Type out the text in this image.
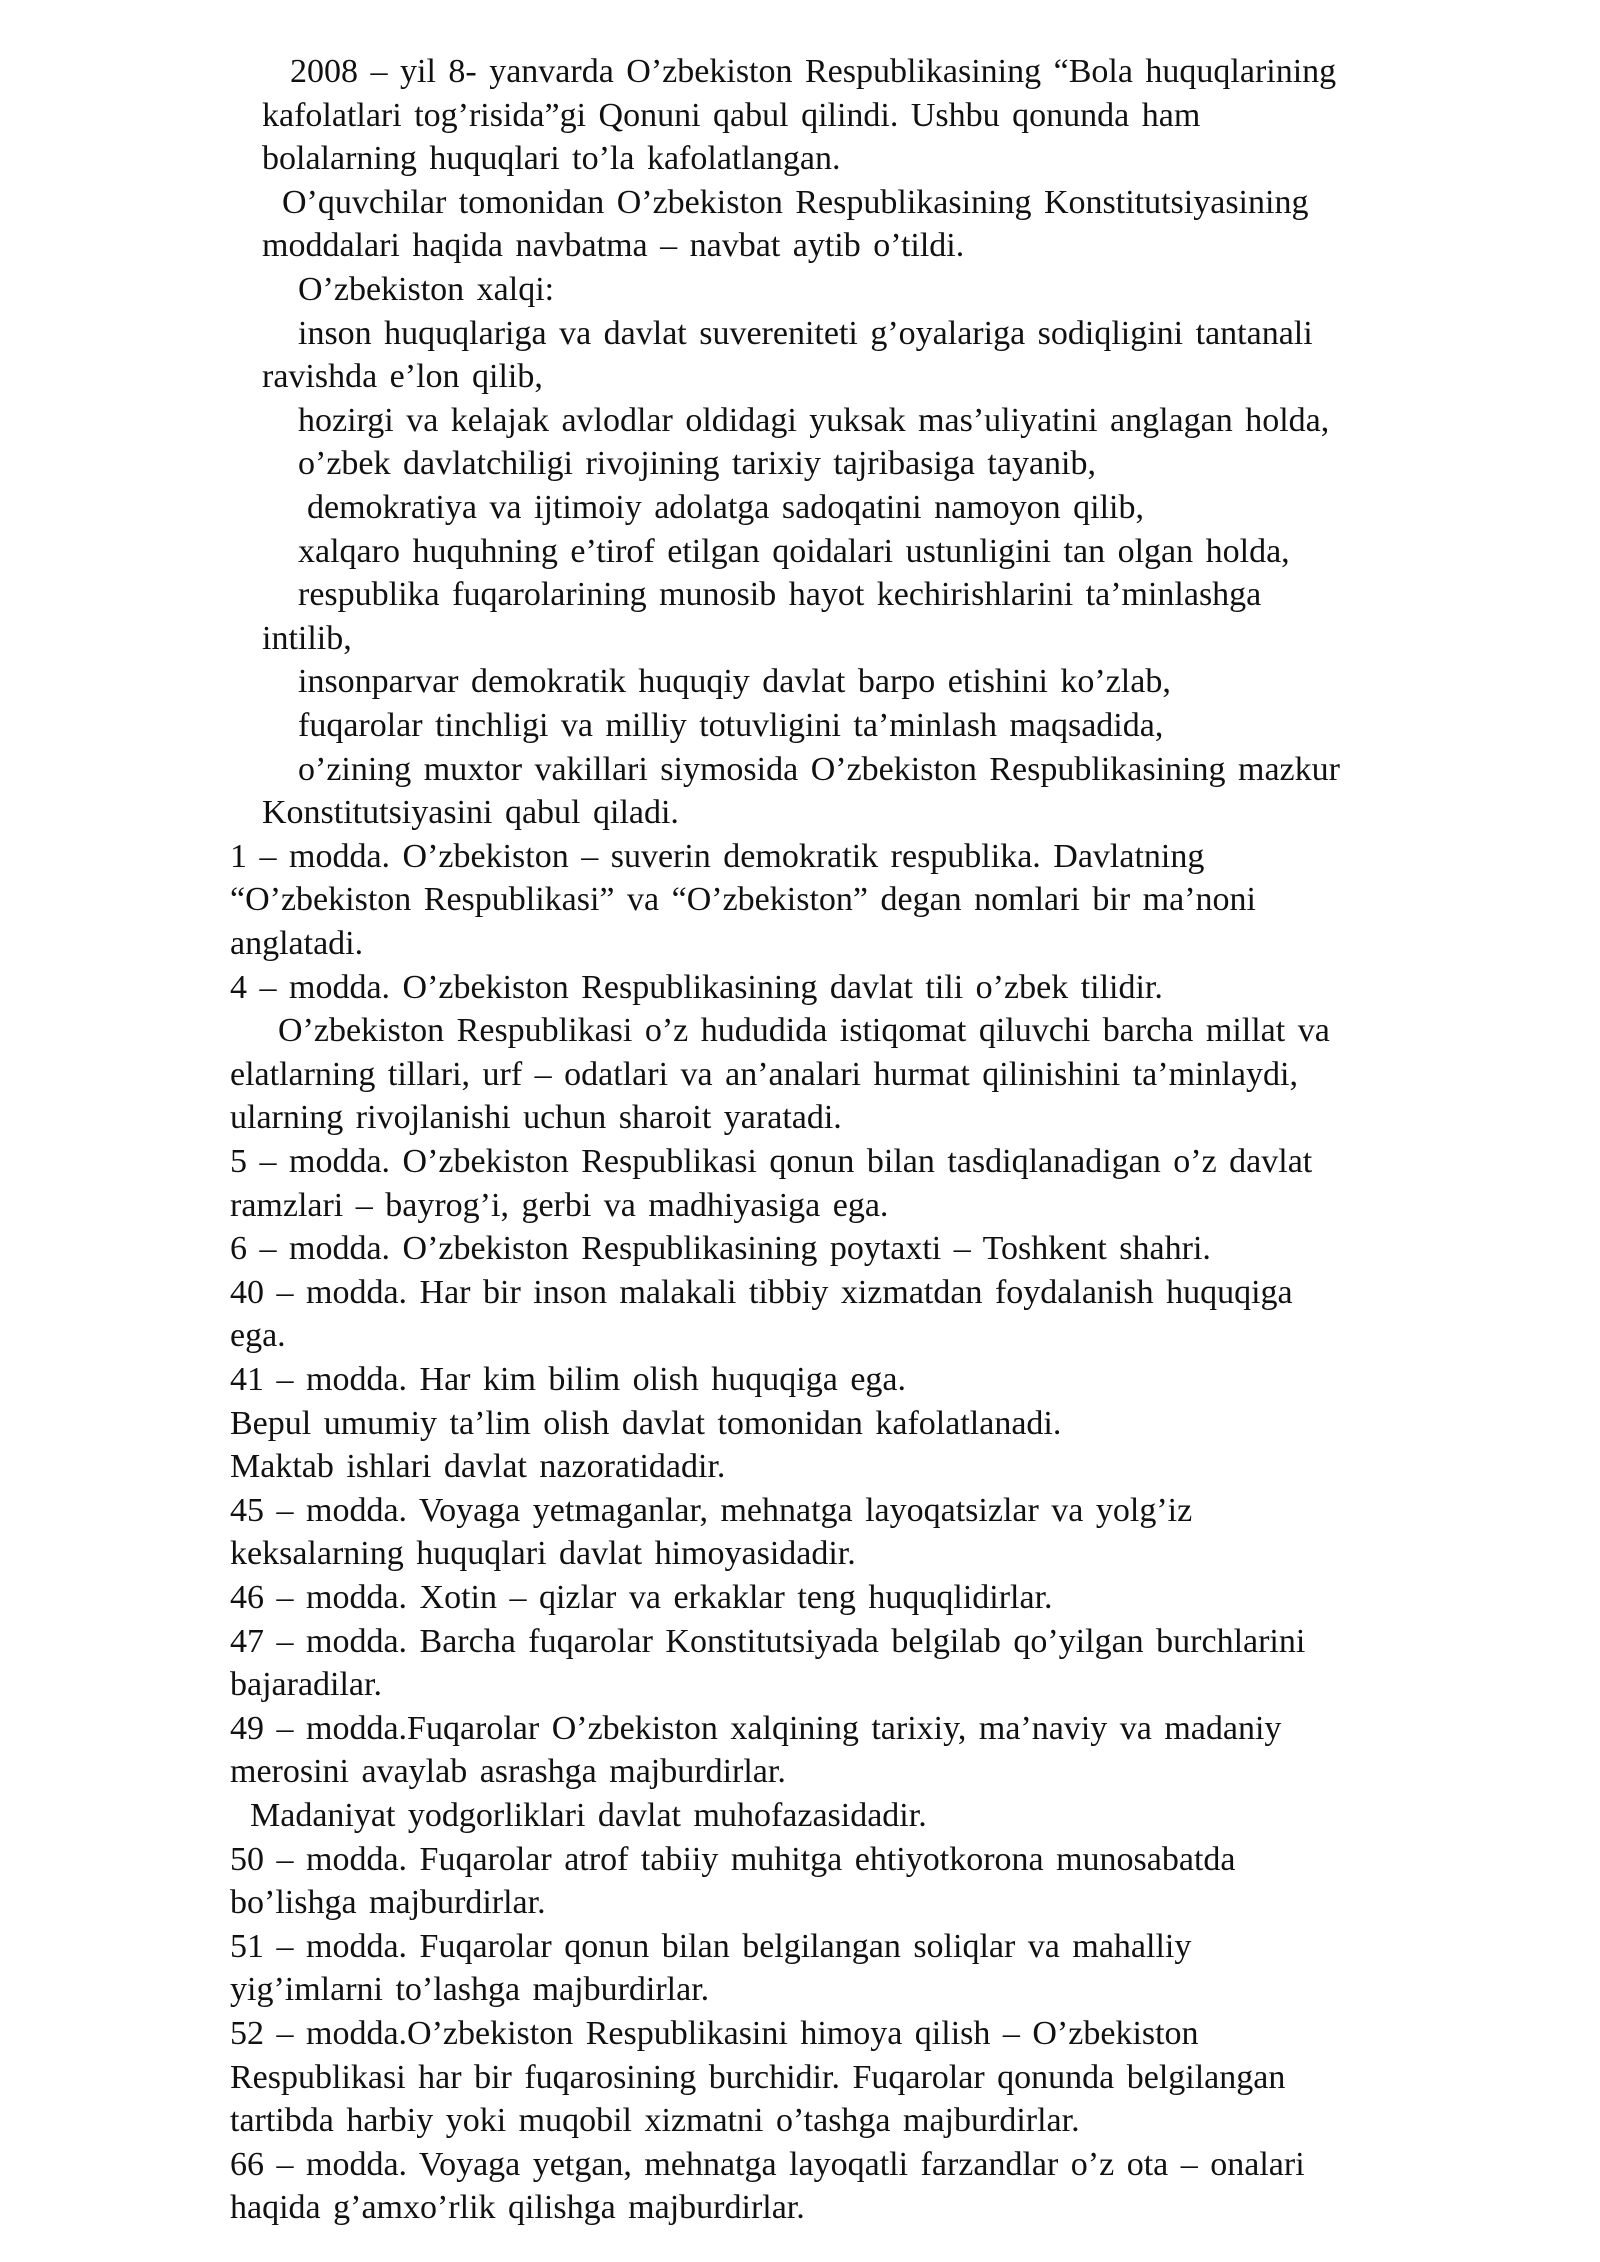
2008 – yil 8- yanvarda O’zbekiston Respublikasining “Bola huquqlarining

kafolatlari tog’risida”gi Qonuni qabul qilindi. Ushbu qonunda ham

bolalarning huquqlari to’la kafolatlangan.

O’quvchilar tomonidan O’zbekiston Respublikasining Konstitutsiyasining

moddalari haqida navbatma – navbat aytib o’tildi.

O’zbekiston xalqi:

inson huquqlariga va davlat suvereniteti g’oyalariga sodiqligini tantanali

ravishda e’lon qilib,

hozirgi va kelajak avlodlar oldidagi yuksak mas’uliyatini anglagan holda,

o’zbek davlatchiligi rivojining tarixiy tajribasiga tayanib,

demokratiya va ijtimoiy adolatga sadoqatini namoyon qilib,

xalqaro huquhning e’tirof etilgan qoidalari ustunligini tan olgan holda,

respublika fuqarolarining munosib hayot kechirishlarini ta’minlashga

intilib,

insonparvar demokratik huquqiy davlat barpo etishini ko’zlab,

fuqarolar tinchligi va milliy totuvligini ta’minlash maqsadida,

o’zining muxtor vakillari siymosida O’zbekiston Respublikasining mazkur

Konstitutsiyasini qabul qiladi.

1 – modda. O’zbekiston – suverin demokratik respublika. Davlatning

“O’zbekiston Respublikasi” va “O’zbekiston” degan nomlari bir ma’noni

anglatadi.

4 – modda. O’zbekiston Respublikasining davlat tili o’zbek tilidir.

O’zbekiston Respublikasi o’z hududida istiqomat qiluvchi barcha millat va

elatlarning tillari, urf – odatlari va an’analari hurmat qilinishini ta’minlaydi,

ularning rivojlanishi uchun sharoit yaratadi.

5 – modda. O’zbekiston Respublikasi qonun bilan tasdiqlanadigan o’z davlat

ramzlari – bayrog’i, gerbi va madhiyasiga ega.

6 – modda. O’zbekiston Respublikasining poytaxti – Toshkent shahri.

40 – modda. Har bir inson malakali tibbiy xizmatdan foydalanish huquqiga

ega.

41 – modda. Har kim bilim olish huquqiga ega.

Bepul umumiy ta’lim olish davlat tomonidan kafolatlanadi.

Maktab ishlari davlat nazoratidadir.

45 – modda. Voyaga yetmaganlar, mehnatga layoqatsizlar va yolg’iz

keksalarning huquqlari davlat himoyasidadir.

46 – modda. Xotin – qizlar va erkaklar teng huquqlidirlar.

47 – modda. Barcha fuqarolar Konstitutsiyada belgilab qo’yilgan burchlarini

bajaradilar.

49 – modda.Fuqarolar O’zbekiston xalqining tarixiy, ma’naviy va madaniy

merosini avaylab asrashga majburdirlar.

Madaniyat yodgorliklari davlat muhofazasidadir.

50 – modda. Fuqarolar atrof tabiiy muhitga ehtiyotkorona munosabatda

bo’lishga majburdirlar.

51 – modda. Fuqarolar qonun bilan belgilangan soliqlar va mahalliy

yig’imlarni to’lashga majburdirlar.

52 – modda.O’zbekiston Respublikasini himoya qilish – O’zbekiston

Respublikasi har bir fuqarosining burchidir. Fuqarolar qonunda belgilangan

tartibda harbiy yoki muqobil xizmatni o’tashga majburdirlar.

66 – modda. Voyaga yetgan, mehnatga layoqatli farzandlar o’z ota – onalari

haqida g’amxo’rlik qilishga majburdirlar.
